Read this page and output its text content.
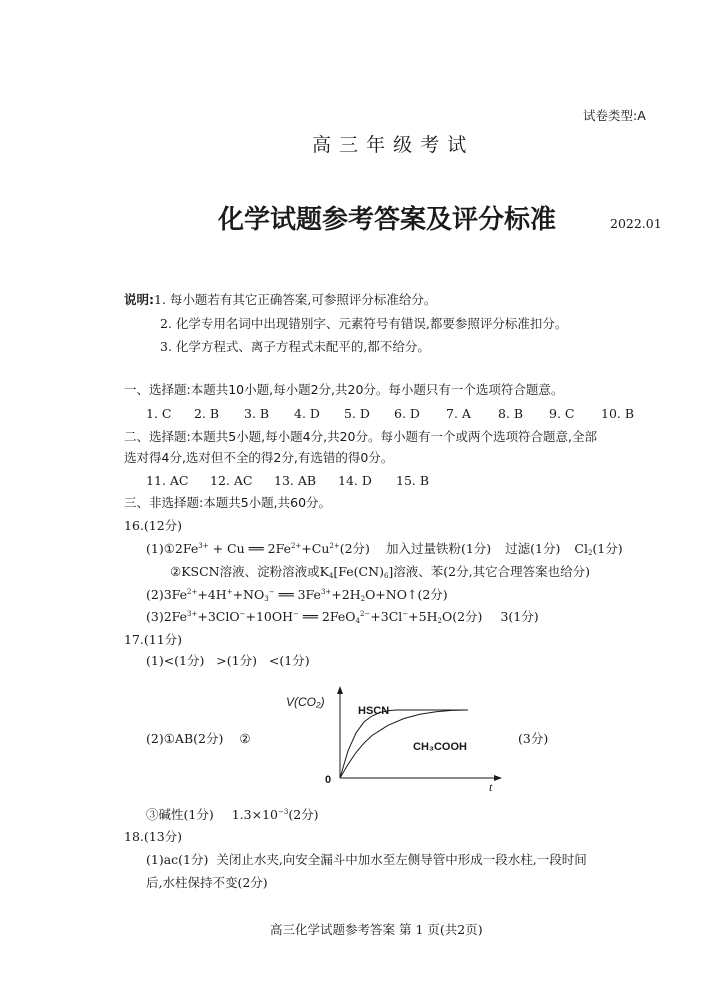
试卷类型:A
高 三 年 级 考 试
化学试题参考答案及评分标准	2022.01
说明:1. 每小题若有其它正确答案,可参照评分标准给分。
2. 化学专用名词中出现错别字、元素符号有错误,都要参照评分标准扣分。
3. 化学方程式、离子方程式未配平的,都不给分。
一、选择题:本题共10小题,每小题2分,共20分。每小题只有一个选项符合题意。
1. C 2. B 3. B 4. D 5. D 6. D 7. A 8. B 9. C 10. B
二、选择题:本题共5小题,每小题4分,共20分。每小题有一个或两个选项符合题意,全部
选对得4分,选对但不全的得2分,有选错的得0分。
11. AC 12. AC 13. AB 14. D 15. B
三、非选择题:本题共5小题,共60分。
16.(12分)
$(1)①2Fe^{3+} + Cu$ ══ $2Fe^{2+}+Cu^{2+}(2$分) 加入过量铁粉(1分) 过滤(1分) $Cl_2(1$分)
②KSCN溶液、淀粉溶液或$K_4[Fe(CN)_6]$溶液、苯(2分,其它合理答案也给分)
$(2)3Fe^{2+}+4H^++NO_3^-$ ══ $3Fe^{3+}+2H_2O+NO↑(2$分)
$(3)2Fe^{3+}+3ClO^-+10OH^-$ ══ $2FeO_4^{2-}+3Cl^-+5H_2O(2$分) 3(1分)
17.(11分)
(1)<(1分)   >(1分)   <(1分)
(2)①AB(2分) ②	(3分)
V(CO₂)
0	t
HSCN
CH₃COOH
③碱性(1分) $1.3\times 10^{-3}(2$分)
18.(13分)
(1)ac(1分)  关闭止水夹,向安全漏斗中加水至左侧导管中形成一段水柱,一段时间
后,水柱保持不变(2分)
高三化学试题参考答案 第 1 页(共2页)
